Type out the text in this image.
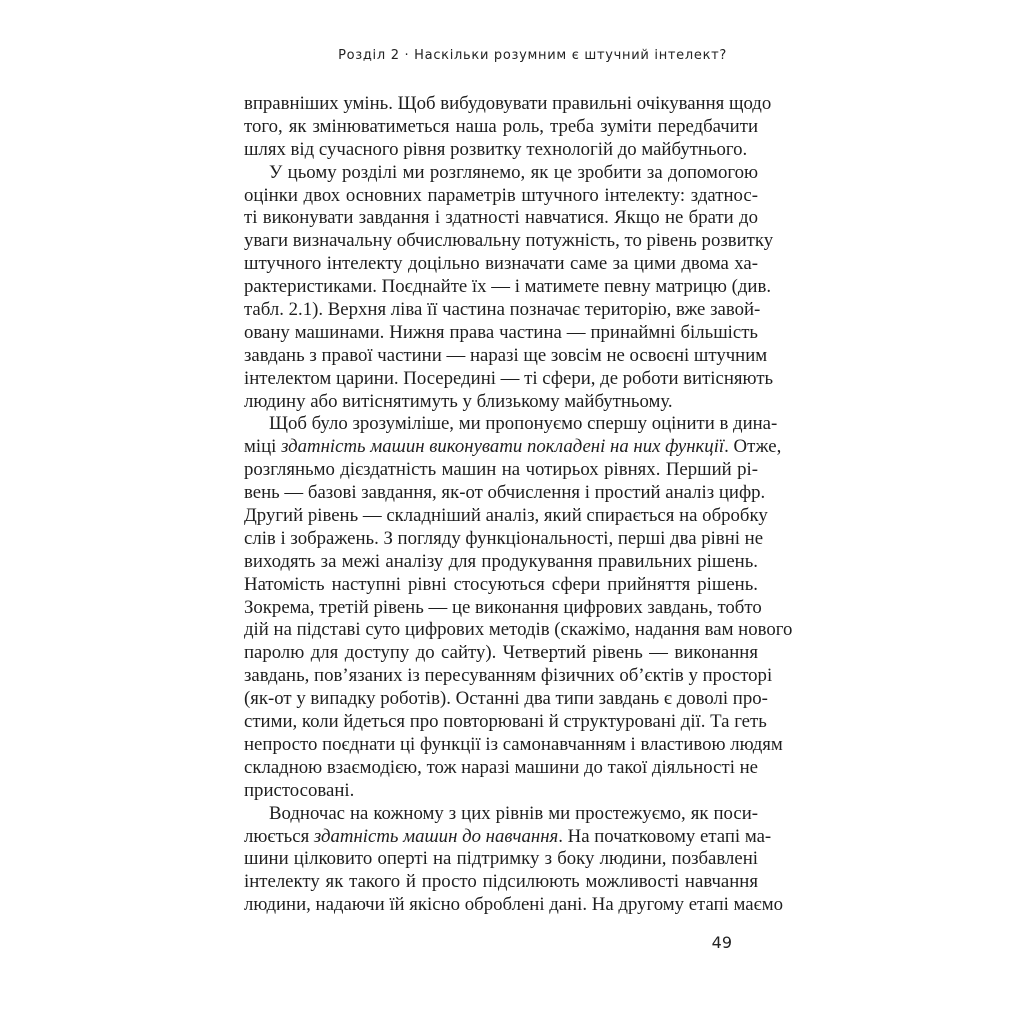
Розділ 2 · Наскільки розумним є штучний інтелект?
вправніших умінь. Щоб вибудовувати правильні очікування щодо
того, як змінюватиметься наша роль, треба зуміти передбачити
шлях від сучасного рівня розвитку технологій до майбутнього.
У цьому розділі ми розглянемо, як це зробити за допомогою
оцінки двох основних параметрів штучного інтелекту: здатнос-
ті виконувати завдання і здатності навчатися. Якщо не брати до
уваги визначальну обчислювальну потужність, то рівень розвитку
штучного інтелекту доцільно визначати саме за цими двома ха-
рактеристиками. Поєднайте їх — і матимете певну матрицю (див.
табл. 2.1). Верхня ліва її частина позначає територію, вже завой-
овану машинами. Нижня права частина — принаймні більшість
завдань з правої частини — наразі ще зовсім не освоєні штучним
інтелектом царини. Посередині — ті сфери, де роботи витісняють
людину або витіснятимуть у близькому майбутньому.
Щоб було зрозуміліше, ми пропонуємо спершу оцінити в дина-
міці здатність машин виконувати покладені на них функції. Отже,
розгляньмо дієздатність машин на чотирьох рівнях. Перший рі-
вень — базові завдання, як-от обчислення і простий аналіз цифр.
Другий рівень — складніший аналіз, який спирається на обробку
слів і зображень. З погляду функціональності, перші два рівні не
виходять за межі аналізу для продукування правильних рішень.
Натомість наступні рівні стосуються сфери прийняття рішень.
Зокрема, третій рівень — це виконання цифрових завдань, тобто
дій на підставі суто цифрових методів (скажімо, надання вам нового
паролю для доступу до сайту). Четвертий рівень — виконання
завдань, пов’язаних із пересуванням фізичних об’єктів у просторі
(як-от у випадку роботів). Останні два типи завдань є доволі про-
стими, коли йдеться про повторювані й структуровані дії. Та геть
непросто поєднати ці функції із самонавчанням і властивою людям
складною взаємодією, тож наразі машини до такої діяльності не
пристосовані.
Водночас на кожному з цих рівнів ми простежуємо, як поси-
люється здатність машин до навчання. На початковому етапі ма-
шини цілковито оперті на підтримку з боку людини, позбавлені
інтелекту як такого й просто підсилюють можливості навчання
людини, надаючи їй якісно оброблені дані. На другому етапі маємо
49
